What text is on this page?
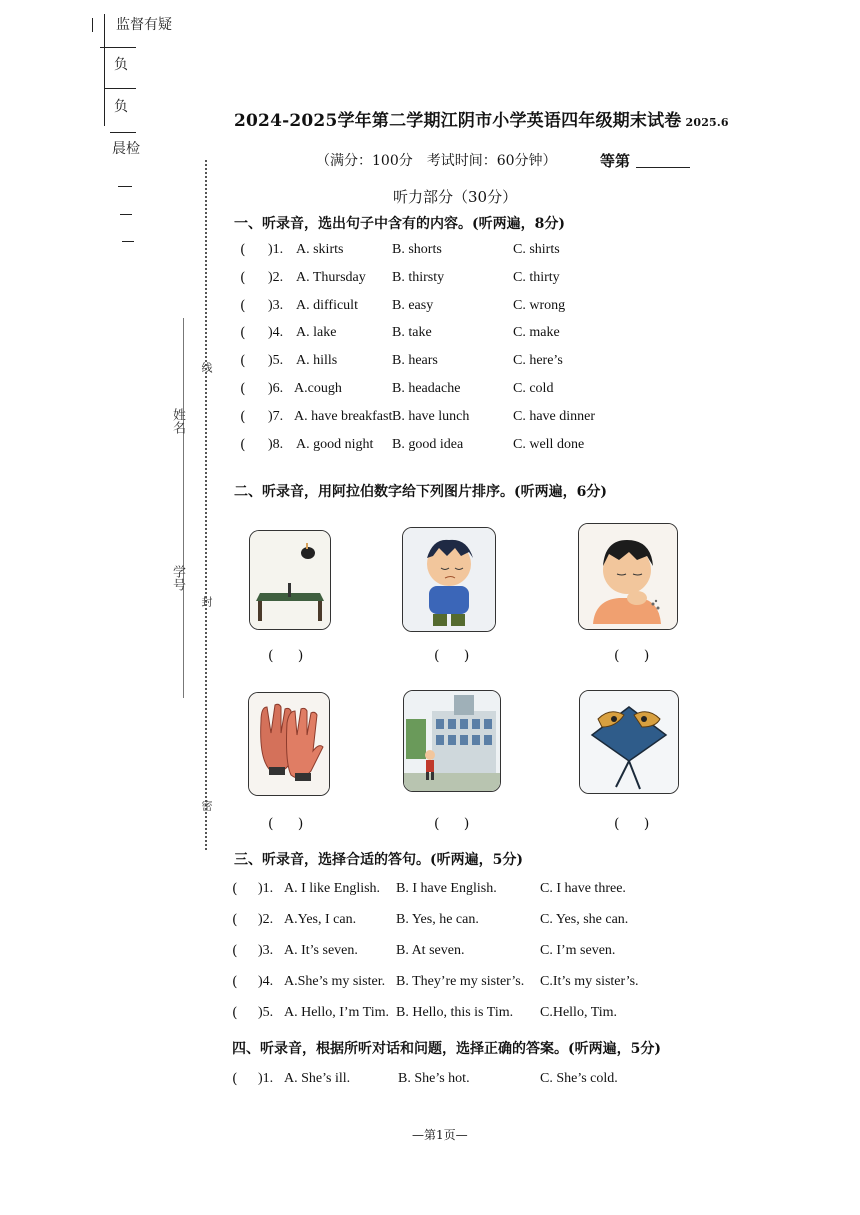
监督有疑
负
负
晨检
姓名
学号
线
封
密
2024-2025学年第二学期江阴市小学英语四年级期末试卷 2025.6
（满分：100分　考试时间：60分钟）	等第
听力部分（30分）
一、听录音，选出句子中含有的内容。(听两遍，8分)
( )1. A. skirts	B. shorts	C. shirts
( )2. A. Thursday B. thirsty	C. thirty
( )3. A. difficult B. easy	C. wrong
( )4. A. lake	B. take	C. make
( )5. A. hills	B. hears	C. here’s
( )6. A.cough	B. headache	C. cold
( )7. A. have breakfast B. have lunch	C. have dinner
( )8. A. good night B. good idea	C. well done
二、听录音，用阿拉伯数字给下列图片排序。(听两遍，6分)
( )	( )	( )
( )	( )	( )
三、听录音，选择合适的答句。(听两遍，5分)
( )1. A. I like English. B. I have English.	C. I have three.
( )2. A.Yes, I can.	B. Yes, he can.	C. Yes, she can.
( )3. A. It’s seven.	B. At seven.	C. I’m seven.
( )4. A.She’s my sister. B. They’re my sister’s. C.It’s my sister’s.
( )5. A. Hello, I’m Tim. B. Hello, this is Tim. C.Hello, Tim.
四、听录音，根据所听对话和问题，选择正确的答案。(听两遍，5分)
( )1. A. She’s ill.	B. She’s hot.	C. She’s cold.
—第1页—
